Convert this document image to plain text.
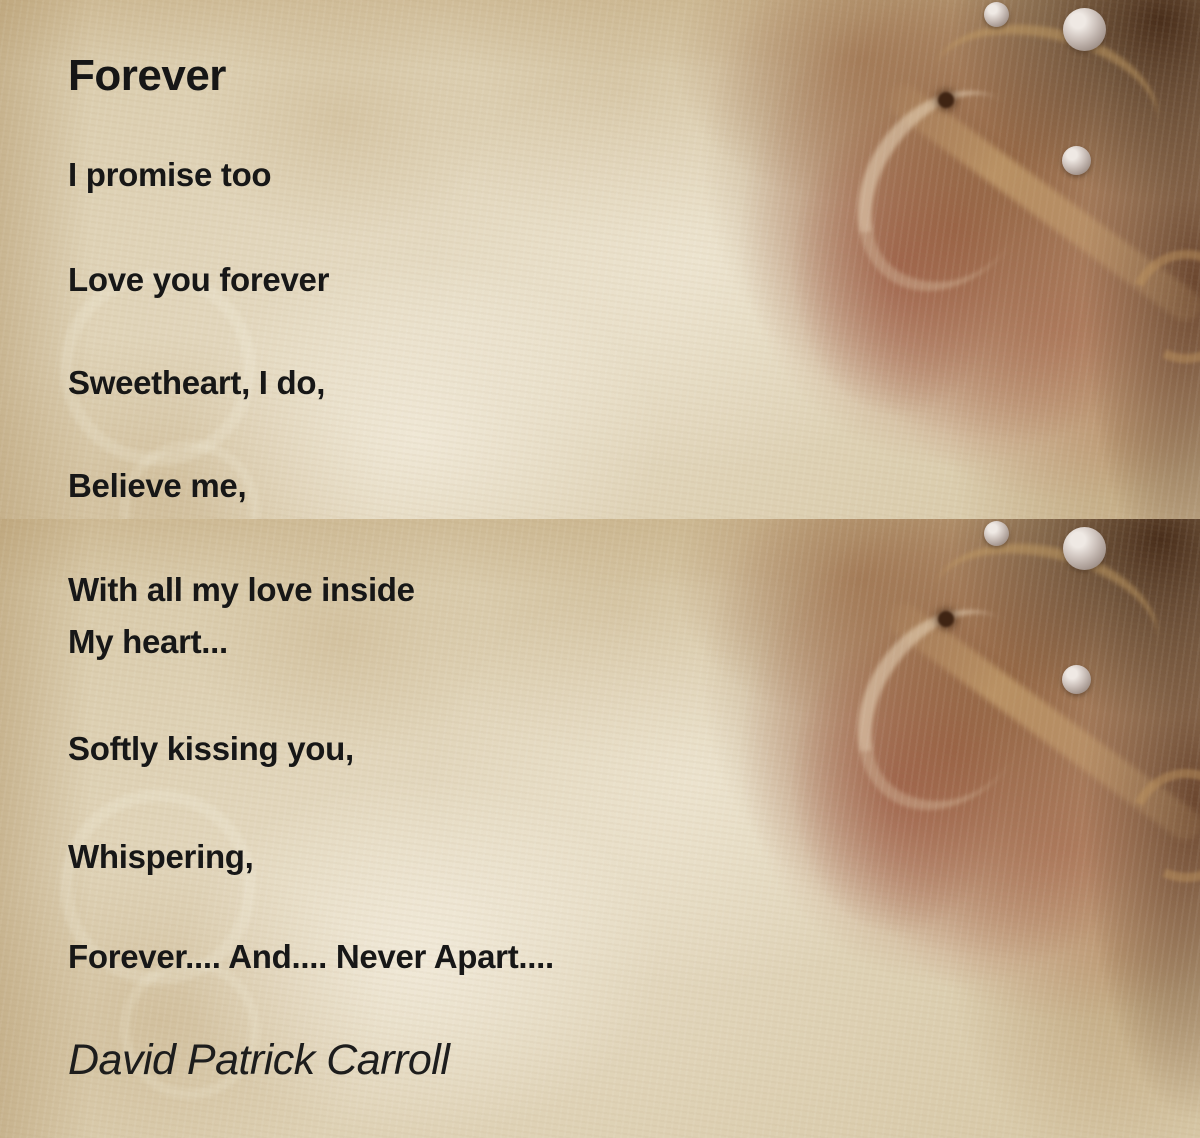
Forever

I promise too

Love you forever

Sweetheart, I do,

Believe me,

With all my love inside

My heart...

Softly kissing you,

Whispering,

Forever.... And.... Never Apart....

David Patrick Carroll
